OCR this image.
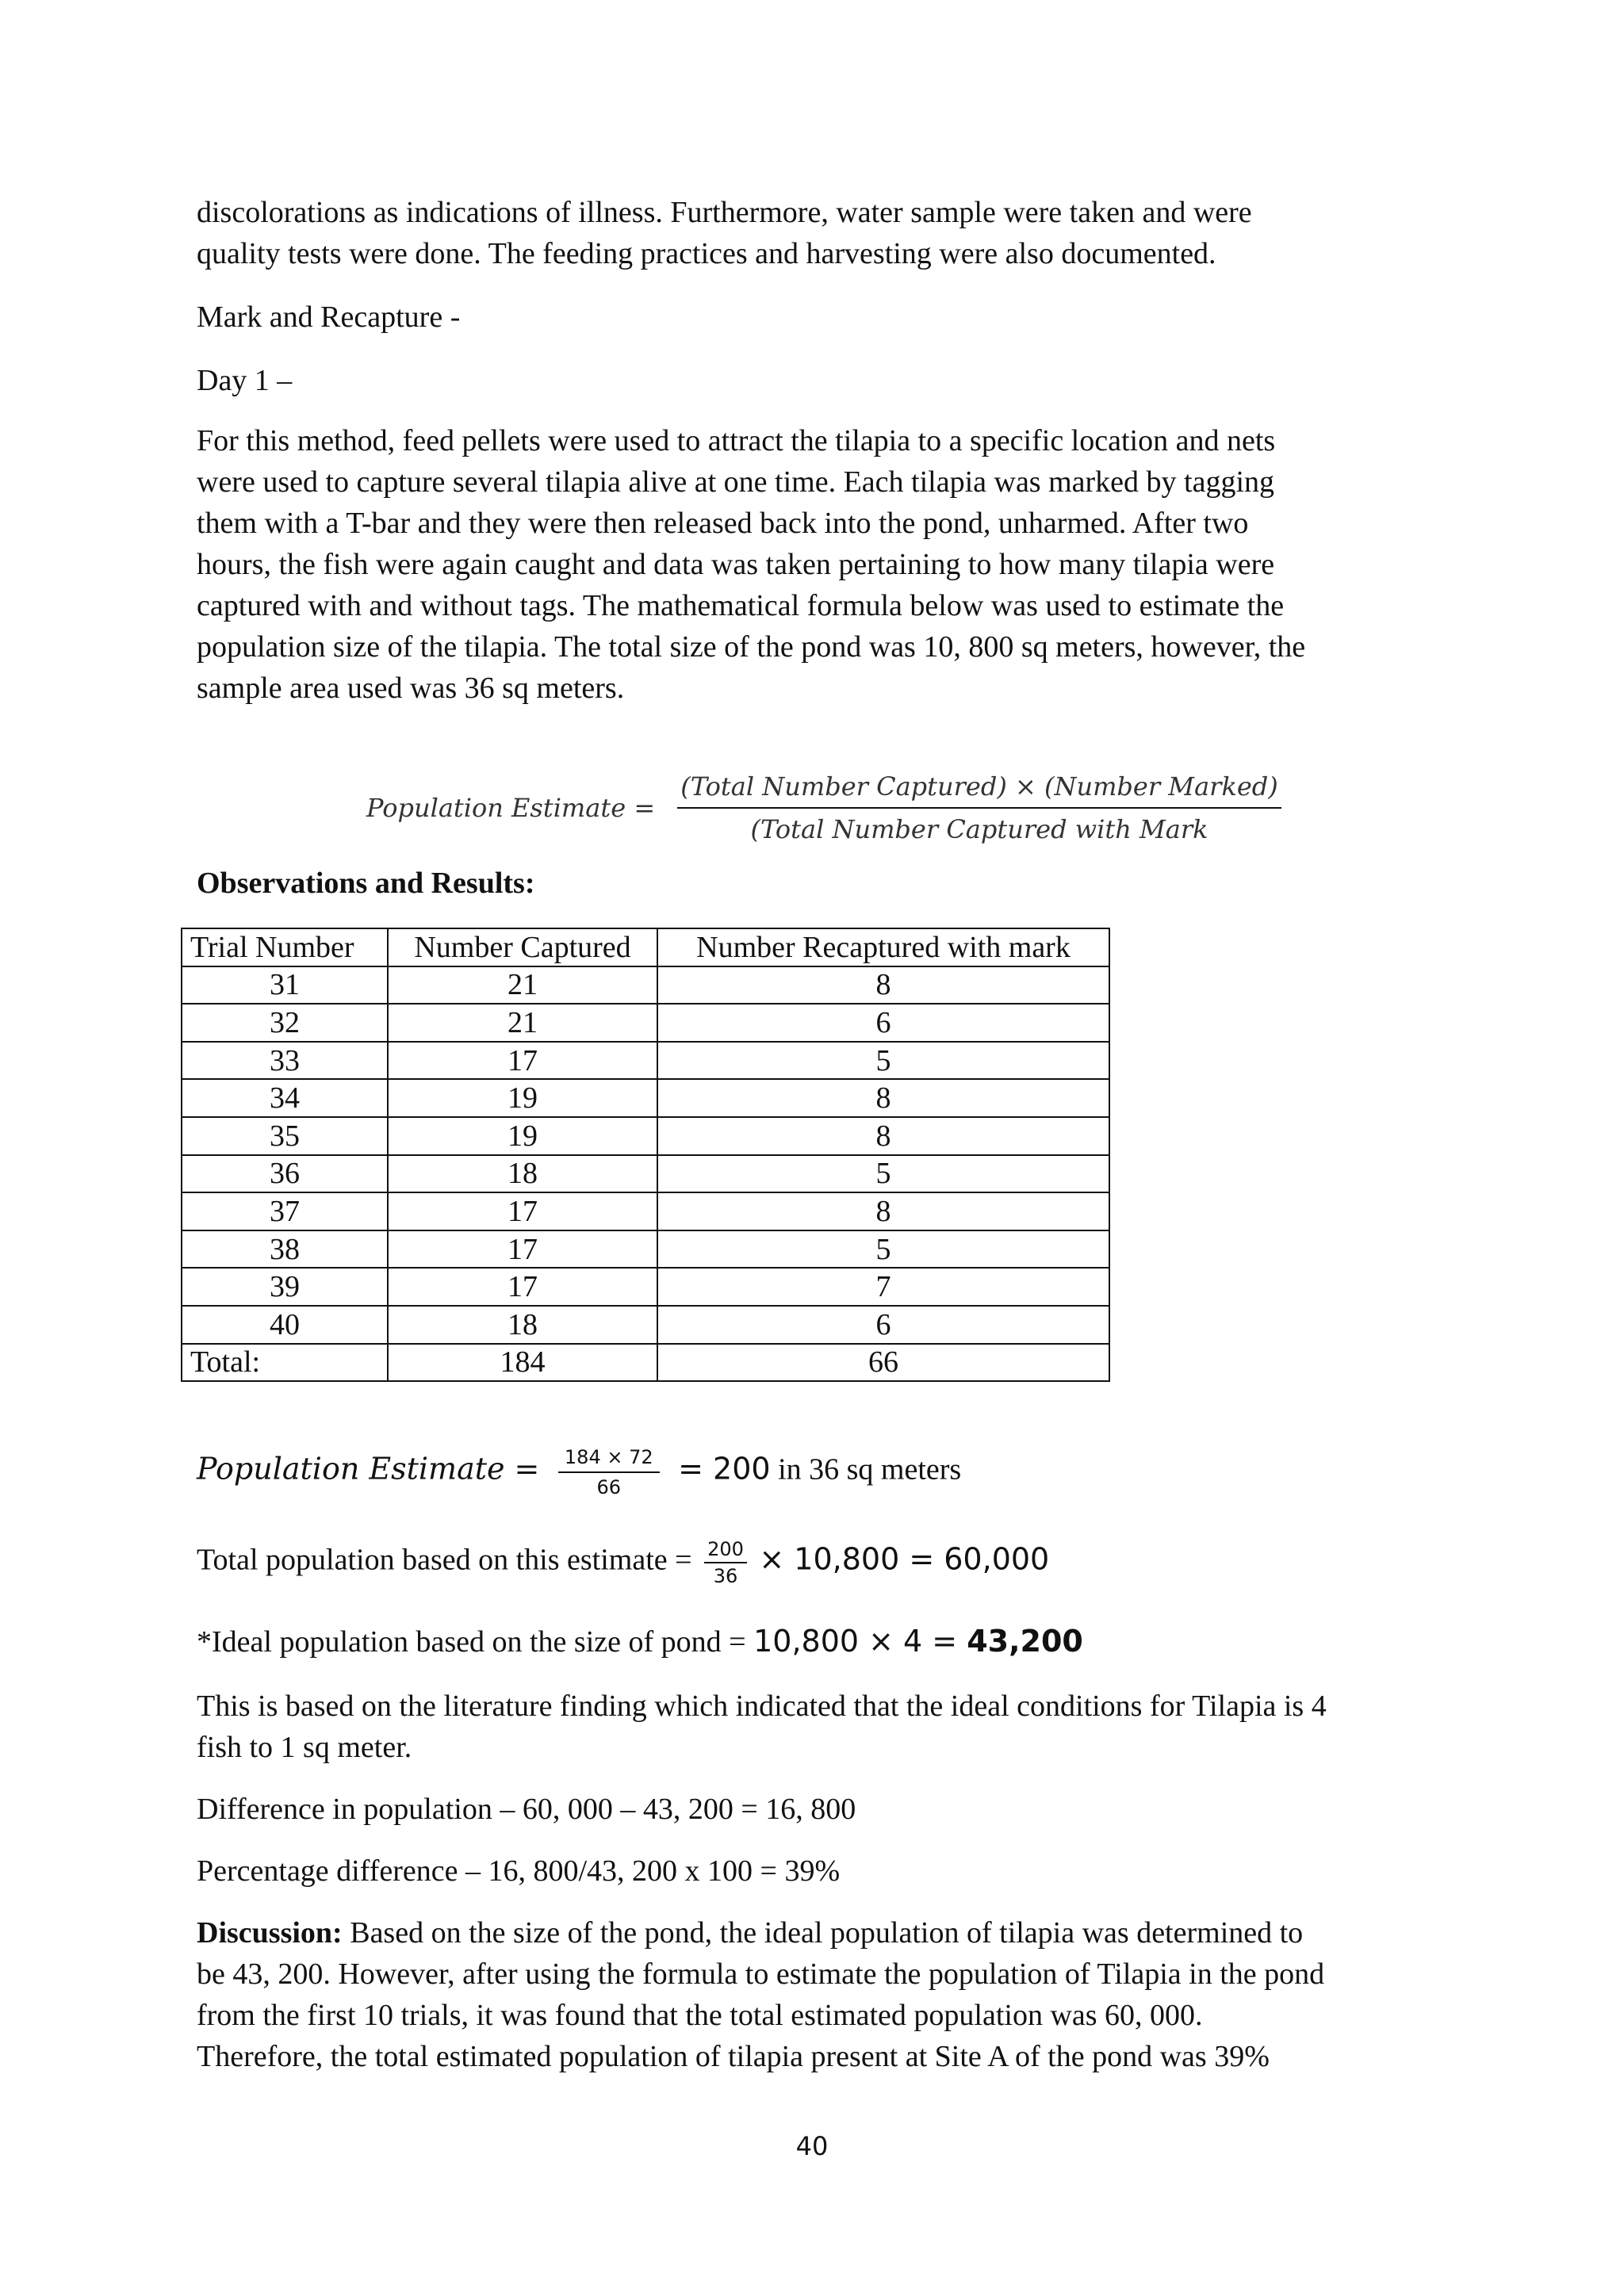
discolorations as indications of illness. Furthermore, water sample were taken and were
quality tests were done. The feeding practices and harvesting were also documented.

Mark and Recapture -

Day 1 –

For this method, feed pellets were used to attract the tilapia to a specific location and nets
were used to capture several tilapia alive at one time. Each tilapia was marked by tagging
them with a T-bar and they were then released back into the pond, unharmed. After two
hours, the fish were again caught and data was taken pertaining to how many tilapia were
captured with and without tags. The mathematical formula below was used to estimate the
population size of the tilapia. The total size of the pond was 10, 800 sq meters, however, the
sample area used was 36 sq meters.

Population Estimate = $\frac{\text{(Total Number Captured) × (Number Marked)}}{\text{(Total Number Captured with Mark}}$

Observations and Results:

Trial Number	Number Captured	Number Recaptured with mark
31	21	8
32	21	6
33	17	5
34	19	8
35	19	8
36	18	5
37	17	8
38	17	5
39	17	7
40	18	6
Total:	184	66
Population Estimate = $\frac{184 \times 72}{66} = 200$ in 36 sq meters
Total population based on this estimate = $\frac{200}{36} \times 10,800 = 60,000$

*Ideal population based on the size of pond = 10,800 × 4 = 43,200

This is based on the literature finding which indicated that the ideal conditions for Tilapia is 4
fish to 1 sq meter.

Difference in population – 60, 000 – 43, 200 = 16, 800

Percentage difference – 16, 800/43, 200 x 100 = 39%

Discussion: Based on the size of the pond, the ideal population of tilapia was determined to
be 43, 200. However, after using the formula to estimate the population of Tilapia in the pond
from the first 10 trials, it was found that the total estimated population was 60, 000.
Therefore, the total estimated population of tilapia present at Site A of the pond was 39%

40
